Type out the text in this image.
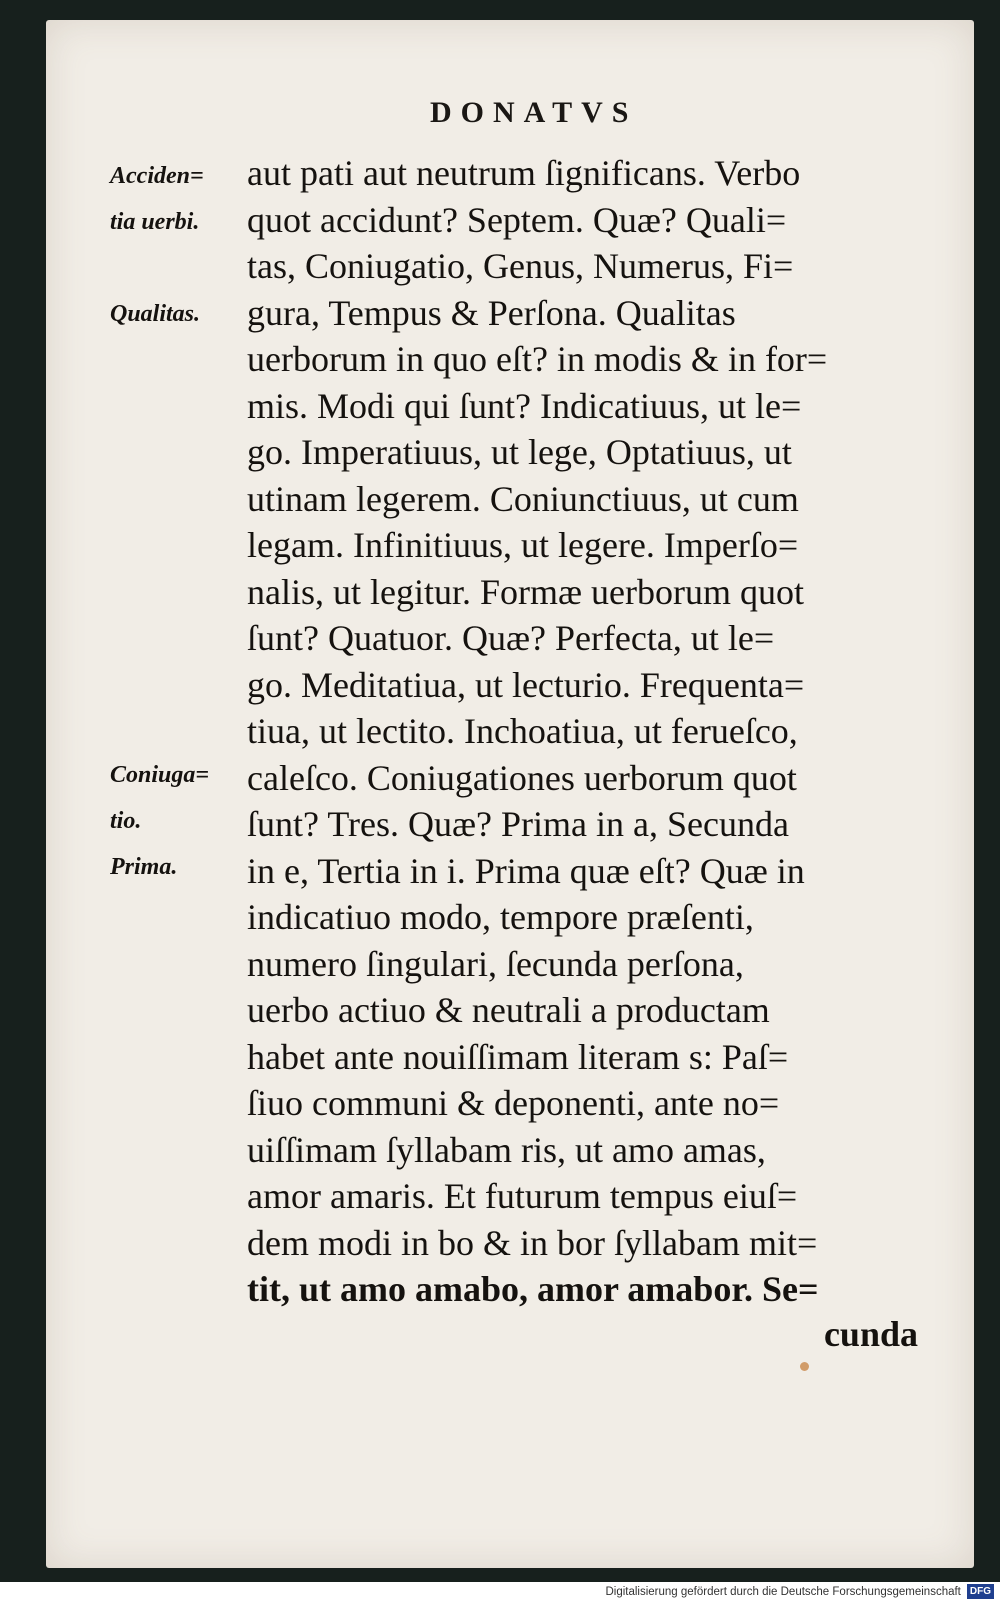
DONATVS

Acciden=

tia uerbi.

Qualitas.

Coniuga=

tio.

Prima.

aut pati aut neutrum ſignificans. Verbo
quot accidunt? Septem. Quæ? Quali=
tas, Coniugatio, Genus, Numerus, Fi=
gura, Tempus & Perſona. Qualitas
uerborum in quo eſt? in modis & in for=
mis. Modi qui ſunt? Indicatiuus, ut le=
go. Imperatiuus, ut lege, Optatiuus, ut
utinam legerem. Coniunctiuus, ut cum
legam. Infinitiuus, ut legere. Imperſo=
nalis, ut legitur. Formæ uerborum quot
ſunt? Quatuor. Quæ? Perfecta, ut le=
go. Meditatiua, ut lecturio. Frequenta=
tiua, ut lectito. Inchoatiua, ut ferueſco,
caleſco. Coniugationes uerborum quot
ſunt? Tres. Quæ? Prima in a, Secunda
in e, Tertia in i. Prima quæ eſt? Quæ in
indicatiuo modo, tempore præſenti,
numero ſingulari, ſecunda perſona,
uerbo actiuo & neutrali a productam
habet ante nouiſſimam literam s: Paſ=
ſiuo communi & deponenti, ante no=
uiſſimam ſyllabam ris, ut amo amas,
amor amaris. Et futurum tempus eiuſ=
dem modi in bo & in bor ſyllabam mit=
tit, ut amo amabo, amor amabor. Se=

cunda

Digitalisierung gefördert durch die Deutsche Forschungsgemeinschaft DFG
